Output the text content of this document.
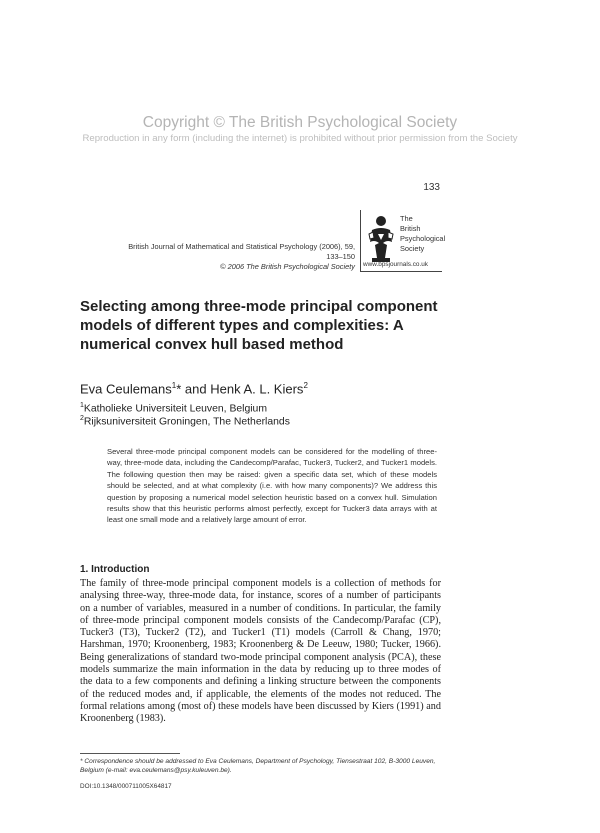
Copyright © The British Psychological Society
Reproduction in any form (including the internet) is prohibited without prior permission from the Society
133
British Journal of Mathematical and Statistical Psychology (2006), 59, 133–150
© 2006 The British Psychological Society
The
British
Psychological
Society
www.bpsjournals.co.uk
Selecting among three-mode principal component models of different types and complexities: A numerical convex hull based method
Eva Ceulemans$^1$* and Henk A. L. Kiers$^2$
$^1$Katholieke Universiteit Leuven, Belgium
$^2$Rijksuniversiteit Groningen, The Netherlands

Several three-mode principal component models can be considered for the modelling of three-way, three-mode data, including the Candecomp/Parafac, Tucker3, Tucker2, and Tucker1 models. The following question then may be raised: given a specific data set, which of these models should be selected, and at what complexity (i.e. with how many components)? We address this question by proposing a numerical model selection heuristic based on a convex hull. Simulation results show that this heuristic performs almost perfectly, except for Tucker3 data arrays with at least one small mode and a relatively large amount of error.

1. Introduction

The family of three-mode principal component models is a collection of methods for analysing three-way, three-mode data, for instance, scores of a number of participants on a number of variables, measured in a number of conditions. In particular, the family of three-mode principal component models consists of the Candecomp/Parafac (CP), Tucker3 (T3), Tucker2 (T2), and Tucker1 (T1) models (Carroll & Chang, 1970; Harshman, 1970; Kroonenberg, 1983; Kroonenberg & De Leeuw, 1980; Tucker, 1966). Being generalizations of standard two-mode principal component analysis (PCA), these models summarize the main information in the data by reducing up to three modes of the data to a few components and defining a linking structure between the components of the reduced modes and, if applicable, the elements of the modes not reduced. The formal relations among (most of) these models have been discussed by Kiers (1991) and Kroonenberg (1983).

* Correspondence should be addressed to Eva Ceulemans, Department of Psychology, Tiensestraat 102, B-3000 Leuven, Belgium (e-mail: eva.ceulemans@psy.kuleuven.be).

DOI:10.1348/000711005X64817
